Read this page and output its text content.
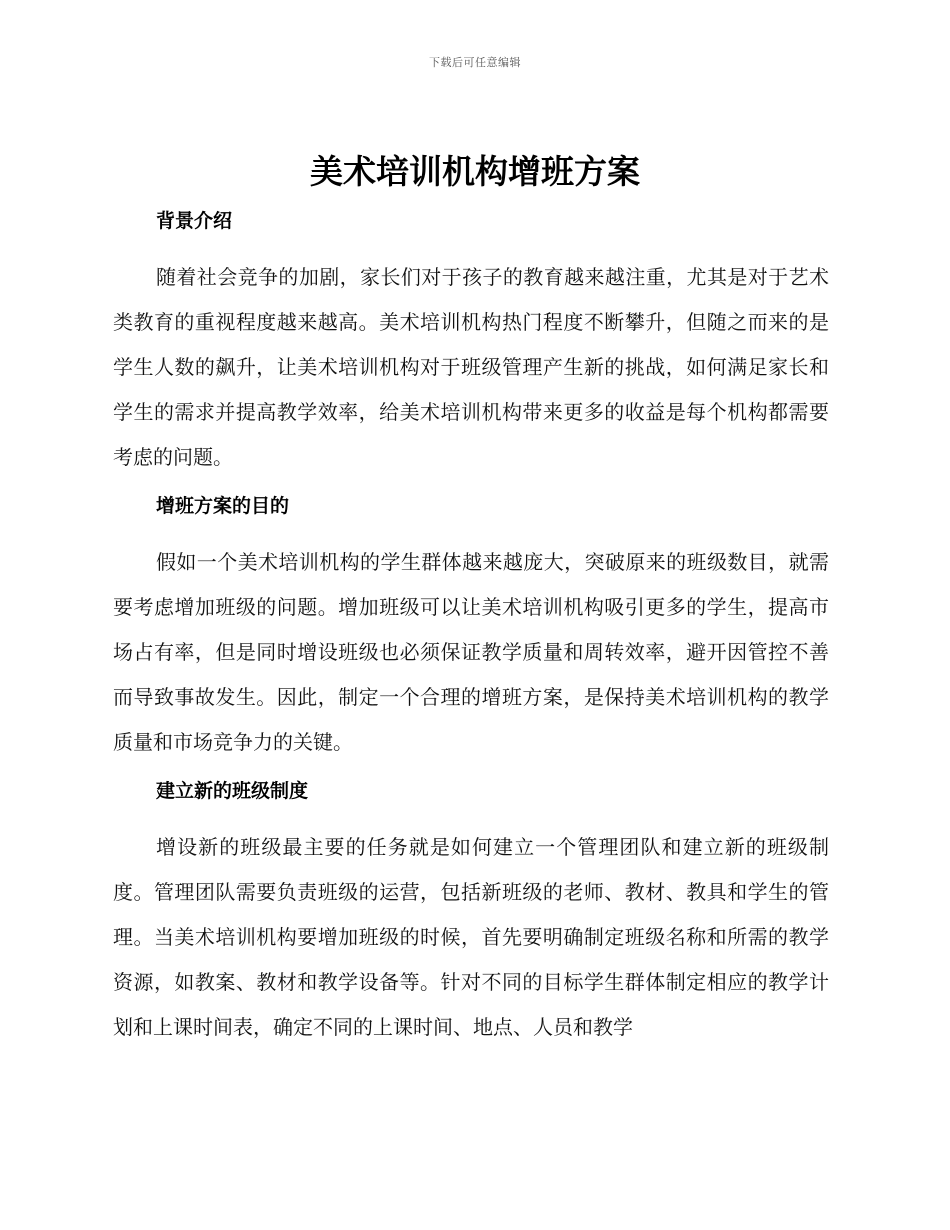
下载后可任意编辑
美术培训机构增班方案
背景介绍

随着社会竞争的加剧，家长们对于孩子的教育越来越注重，尤其是对于艺术类教育的重视程度越来越高。美术培训机构热门程度不断攀升，但随之而来的是学生人数的飙升，让美术培训机构对于班级管理产生新的挑战，如何满足家长和学生的需求并提高教学效率，给美术培训机构带来更多的收益是每个机构都需要考虑的问题。

增班方案的目的

假如一个美术培训机构的学生群体越来越庞大，突破原来的班级数目，就需要考虑增加班级的问题。增加班级可以让美术培训机构吸引更多的学生，提高市场占有率，但是同时增设班级也必须保证教学质量和周转效率，避开因管控不善而导致事故发生。因此，制定一个合理的增班方案，是保持美术培训机构的教学质量和市场竞争力的关键。

建立新的班级制度

增设新的班级最主要的任务就是如何建立一个管理团队和建立新的班级制度。管理团队需要负责班级的运营，包括新班级的老师、教材、教具和学生的管理。当美术培训机构要增加班级的时候，首先要明确制定班级名称和所需的教学资源，如教案、教材和教学设备等。针对不同的目标学生群体制定相应的教学计划和上课时间表，确定不同的上课时间、地点、人员和教学
